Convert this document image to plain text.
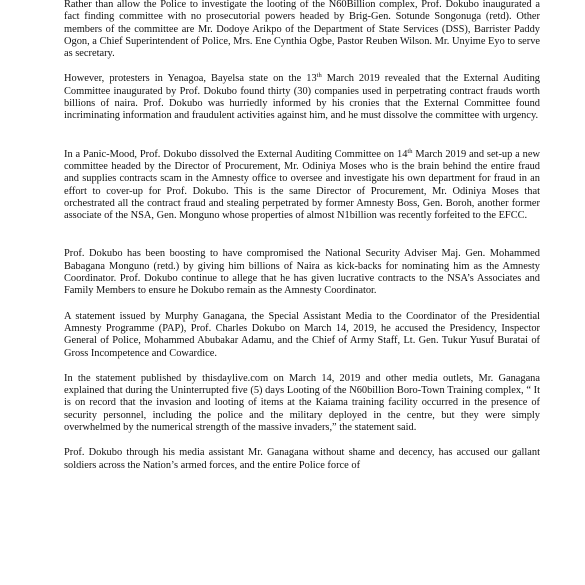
Rather than allow the Police to investigate the looting of the N60Billion complex, Prof. Dokubo inaugurated a fact finding committee with no prosecutorial powers headed by Brig-Gen. Sotunde Songonuga (retd). Other members of the committee are Mr. Dodoye Arikpo of the Department of State Services (DSS), Barrister Paddy Ogon, a Chief Superintendent of Police, Mrs. Ene Cynthia Ogbe, Pastor Reuben Wilson. Mr. Unyime Eyo to serve as secretary.

However, protesters in Yenagoa, Bayelsa state on the 13th March 2019 revealed that the External Auditing Committee inaugurated by Prof. Dokubo found thirty (30) companies used in perpetrating contract frauds worth billions of naira. Prof. Dokubo was hurriedly informed by his cronies that the External Committee found incriminating information and fraudulent activities against him, and he must dissolve the committee with urgency.

In a Panic-Mood, Prof. Dokubo dissolved the External Auditing Committee on 14th March 2019 and set-up a new committee headed by the Director of Procurement, Mr. Odiniya Moses who is the brain behind the entire fraud and supplies contracts scam in the Amnesty office to oversee and investigate his own department for fraud in an effort to cover-up for Prof. Dokubo. This is the same Director of Procurement, Mr. Odiniya Moses that orchestrated all the contract fraud and stealing perpetrated by former Amnesty Boss, Gen. Boroh, another former associate of the NSA, Gen. Monguno whose properties of almost N1billion was recently forfeited to the EFCC.

Prof. Dokubo has been boosting to have compromised the National Security Adviser Maj. Gen. Mohammed Babagana Monguno (retd.) by giving him billions of Naira as kick-backs for nominating him as the Amnesty Coordinator. Prof. Dokubo continue to allege that he has given lucrative contracts to the NSA’s Associates and Family Members to ensure he Dokubo remain as the Amnesty Coordinator.

A statement issued by Murphy Ganagana, the Special Assistant Media to the Coordinator of the Presidential Amnesty Programme (PAP), Prof. Charles Dokubo on March 14, 2019, he accused the Presidency, Inspector General of Police, Mohammed Abubakar Adamu, and the Chief of Army Staff, Lt. Gen. Tukur Yusuf Buratai of Gross Incompetence and Cowardice.

In the statement published by thisdaylive.com on March 14, 2019 and other media outlets, Mr. Ganagana explained that during the Uninterrupted five (5) days Looting of the N60billion Boro-Town Training complex, “ It is on record that the invasion and looting of items at the Kaiama training facility occurred in the presence of security personnel, including the police and the military deployed in the centre, but they were simply overwhelmed by the numerical strength of the massive invaders,” the statement said.

Prof. Dokubo through his media assistant Mr. Ganagana without shame and decency, has accused our gallant soldiers across the Nation’s armed forces, and the entire Police force of
